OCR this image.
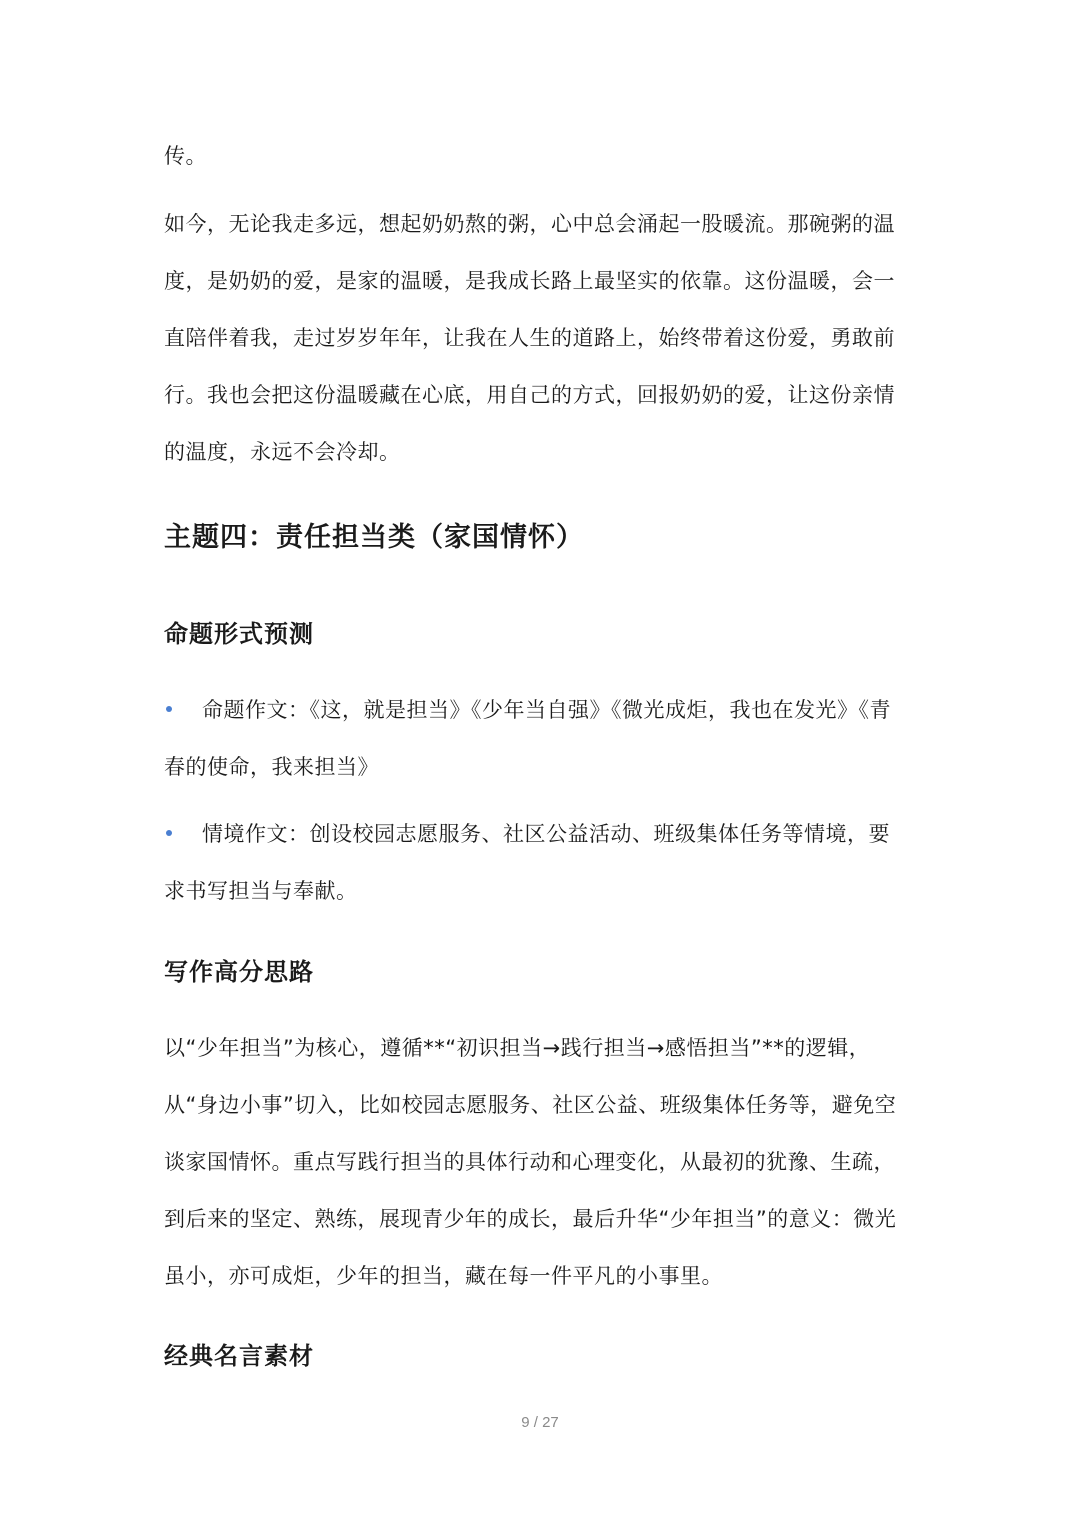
传。

如今，无论我走多远，想起奶奶熬的粥，心中总会涌起一股暖流。那碗粥的温度，是奶奶的爱，是家的温暖，是我成长路上最坚实的依靠。这份温暖，会一直陪伴着我，走过岁岁年年，让我在人生的道路上，始终带着这份爱，勇敢前行。我也会把这份温暖藏在心底，用自己的方式，回报奶奶的爱，让这份亲情的温度，永远不会冷却。

主题四：责任担当类（家国情怀）
命题形式预测

命题作文：《这，就是担当》《少年当自强》《微光成炬，我也在发光》《青春的使命，我来担当》

情境作文：创设校园志愿服务、社区公益活动、班级集体任务等情境，要求书写担当与奉献。

写作高分思路

以“少年担当”为核心，遵循**“初识担当→践行担当→感悟担当”**的逻辑，从“身边小事”切入，比如校园志愿服务、社区公益、班级集体任务等，避免空谈家国情怀。重点写践行担当的具体行动和心理变化，从最初的犹豫、生疏，到后来的坚定、熟练，展现青少年的成长，最后升华“少年担当”的意义：微光虽小，亦可成炬，少年的担当，藏在每一件平凡的小事里。

经典名言素材
9 / 27
